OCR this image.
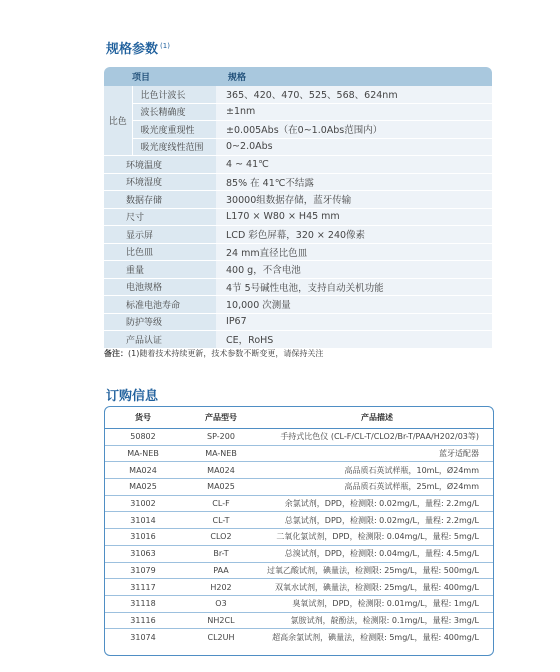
规格参数 $^{(1)}$
项目		规格
比色	比色计波长	365、420、470、525、568、624nm
	波长精确度	±1nm
	吸光度重现性	±0.005Abs（在0~1.0Abs范围内）
	吸光度线性范围	0~2.0Abs
环境温度		4 ~ 41℃
环境湿度		85% 在 41℃不结露
数据存储		30000组数据存储，蓝牙传输
尺寸		L170 × W80 × H45 mm
显示屏		LCD 彩色屏幕，320 × 240像素
比色皿		24 mm直径比色皿
重量		400 g，不含电池
电池规格		4节 5号碱性电池，支持自动关机功能
标准电池寿命		10,000 次测量
防护等级		IP67
产品认证		CE，RoHS
备注：(1)随着技术持续更新，技术参数不断变更，请保持关注
订购信息
货号	产品型号	产品描述
50802	SP-200	手持式比色仪 (CL-F/CL-T/CLO2/Br-T/PAA/H202/03等)
MA-NEB	MA-NEB	蓝牙适配器
MA024	MA024	高品质石英试样瓶，10mL，Ø24mm
MA025	MA025	高品质石英试样瓶，25mL，Ø24mm
31002	CL-F	余氯试剂，DPD，检测限: 0.02mg/L，量程: 2.2mg/L
31014	CL-T	总氯试剂，DPD，检测限: 0.02mg/L，量程: 2.2mg/L
31016	CLO2	二氧化氯试剂，DPD，检测限: 0.04mg/L，量程: 5mg/L
31063	Br-T	总溴试剂，DPD，检测限: 0.04mg/L，量程: 4.5mg/L
31079	PAA	过氧乙酸试剂，碘量法，检测限: 25mg/L，量程: 500mg/L
31117	H202	双氧水试剂，碘量法，检测限: 25mg/L，量程: 400mg/L
31118	O3	臭氧试剂，DPD，检测限: 0.01mg/L，量程: 1mg/L
31116	NH2CL	氯胺试剂，靛酚法，检测限: 0.1mg/L，量程: 3mg/L
31074	CL2UH	超高余氯试剂，碘量法，检测限: 5mg/L，量程: 400mg/L
